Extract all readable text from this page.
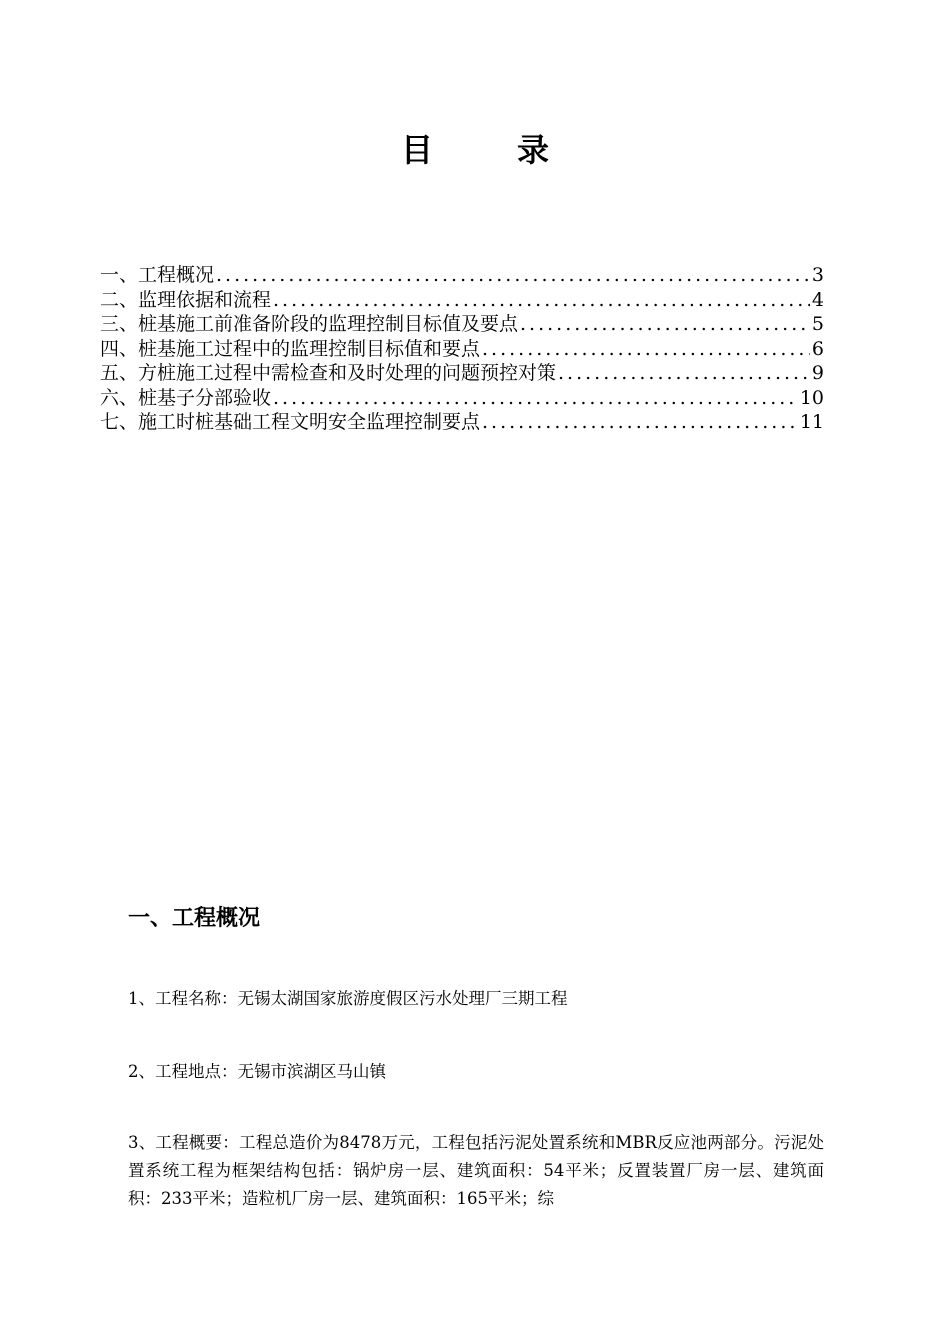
目　录
一、工程概况 .....	3
二、监理依据和流程 .....	4
三、桩基施工前准备阶段的监理控制目标值及要点 .....	5
四、桩基施工过程中的监理控制目标值和要点 .....	6
五、方桩施工过程中需检查和及时处理的问题预控对策 .....	9
六、桩基子分部验收 .....	10
七、施工时桩基础工程文明安全监理控制要点 .....	11
一、工程概况
1、工程名称：无锡太湖国家旅游度假区污水处理厂三期工程
2、工程地点：无锡市滨湖区马山镇
3、工程概要：工程总造价为8478万元，工程包括污泥处置系统和MBR反应池两部分。污泥处置系统工程为框架结构包括：锅炉房一层、建筑面积：54平米；反置装置厂房一层、建筑面积：233平米；造粒机厂房一层、建筑面积：165平米；综
